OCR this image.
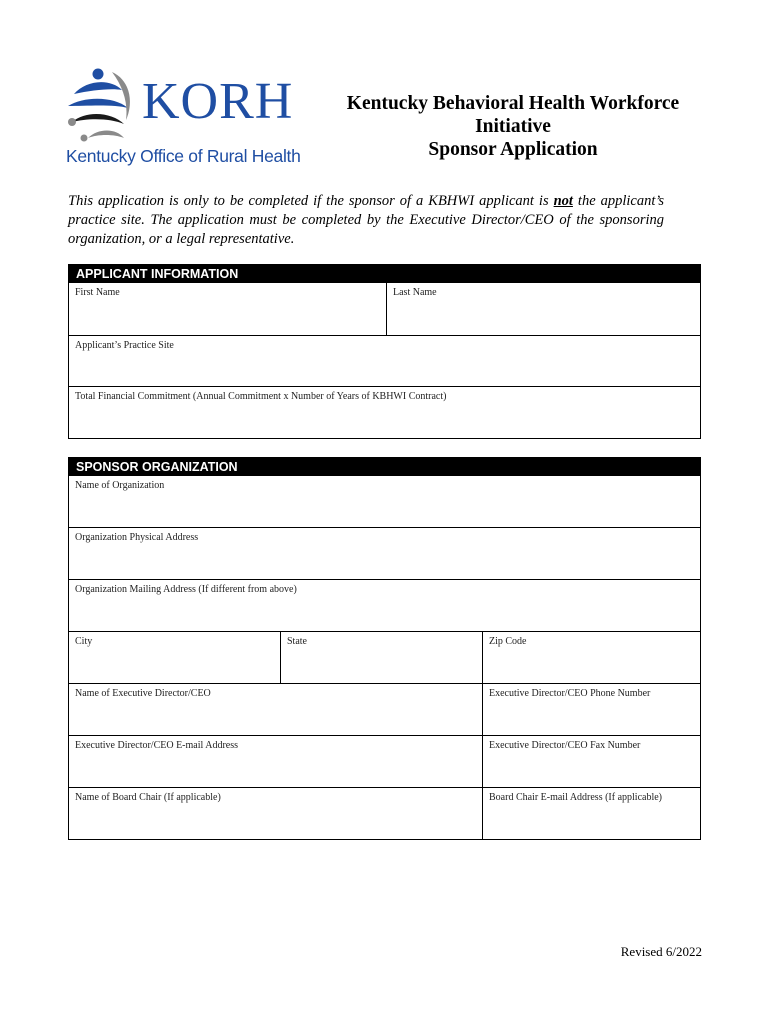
KORH
Kentucky Office of Rural Health
Kentucky Behavioral Health Workforce
Initiative
Sponsor Application
This application is only to be completed if the sponsor of a KBHWI applicant is not the applicant’s practice site. The application must be completed by the Executive Director/CEO of the sponsoring organization, or a legal representative.
APPLICANT INFORMATION
First Name	Last Name
Applicant’s Practice Site
Total Financial Commitment (Annual Commitment x Number of Years of KBHWI Contract)
SPONSOR ORGANIZATION
Name of Organization
Organization Physical Address
Organization Mailing Address (If different from above)
City	State	Zip Code
Name of Executive Director/CEO	Executive Director/CEO Phone Number
Executive Director/CEO E-mail Address	Executive Director/CEO Fax Number
Name of Board Chair (If applicable)	Board Chair E-mail Address (If applicable)
Revised 6/2022
